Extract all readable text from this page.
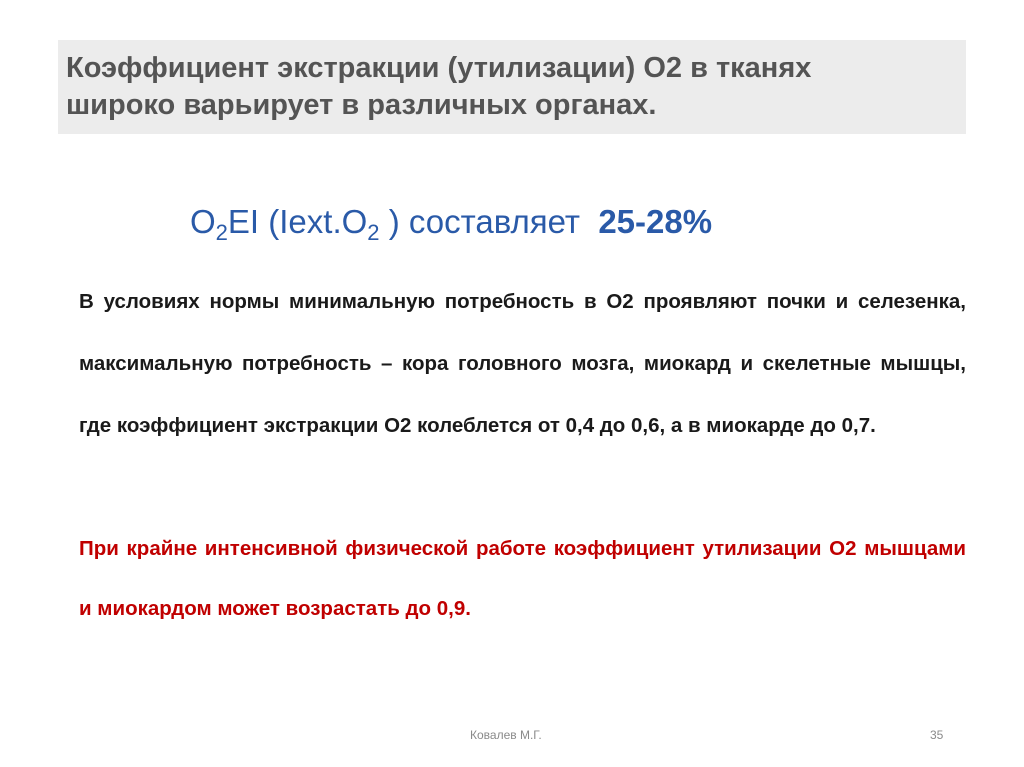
Коэффициент экстракции (утилизации) О2 в тканях
широко варьирует в различных органах.
$O_2EI$ ($Iext.O_2$ ) составляет  25-28%

В условиях нормы минимальную потребность в О2 проявляют почки и селезенка, максимальную потребность – кора головного мозга, миокард и скелетные мышцы, где коэффициент экстракции О2 колеблется от 0,4 до 0,6, а в миокарде до 0,7.

При крайне интенсивной физической работе коэффициент утилизации О2 мышцами и миокардом может возрастать до 0,9.

Ковалев М.Г.	35
